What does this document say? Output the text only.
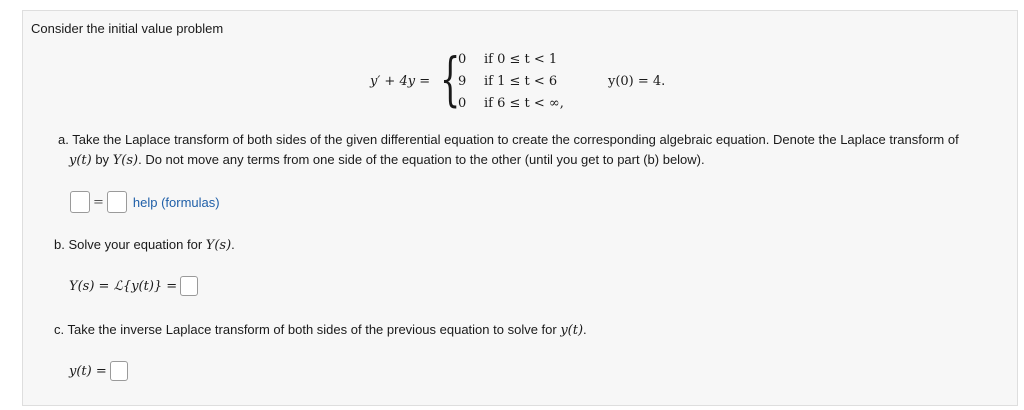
Consider the initial value problem
y′ + 4y = {
0 if 0 ≤ t < 1
9 if 1 ≤ t < 6
0 if 6 ≤ t < ∞,
y(0) = 4.
a. Take the Laplace transform of both sides of the given differential equation to create the corresponding algebraic equation. Denote the Laplace transform of
y(t) by Y(s). Do not move any terms from one side of the equation to the other (until you get to part (b) below).
= help (formulas)
b. Solve your equation for Y(s).
Y(s) = ℒ{y(t)} =
c. Take the inverse Laplace transform of both sides of the previous equation to solve for y(t).
y(t) =
